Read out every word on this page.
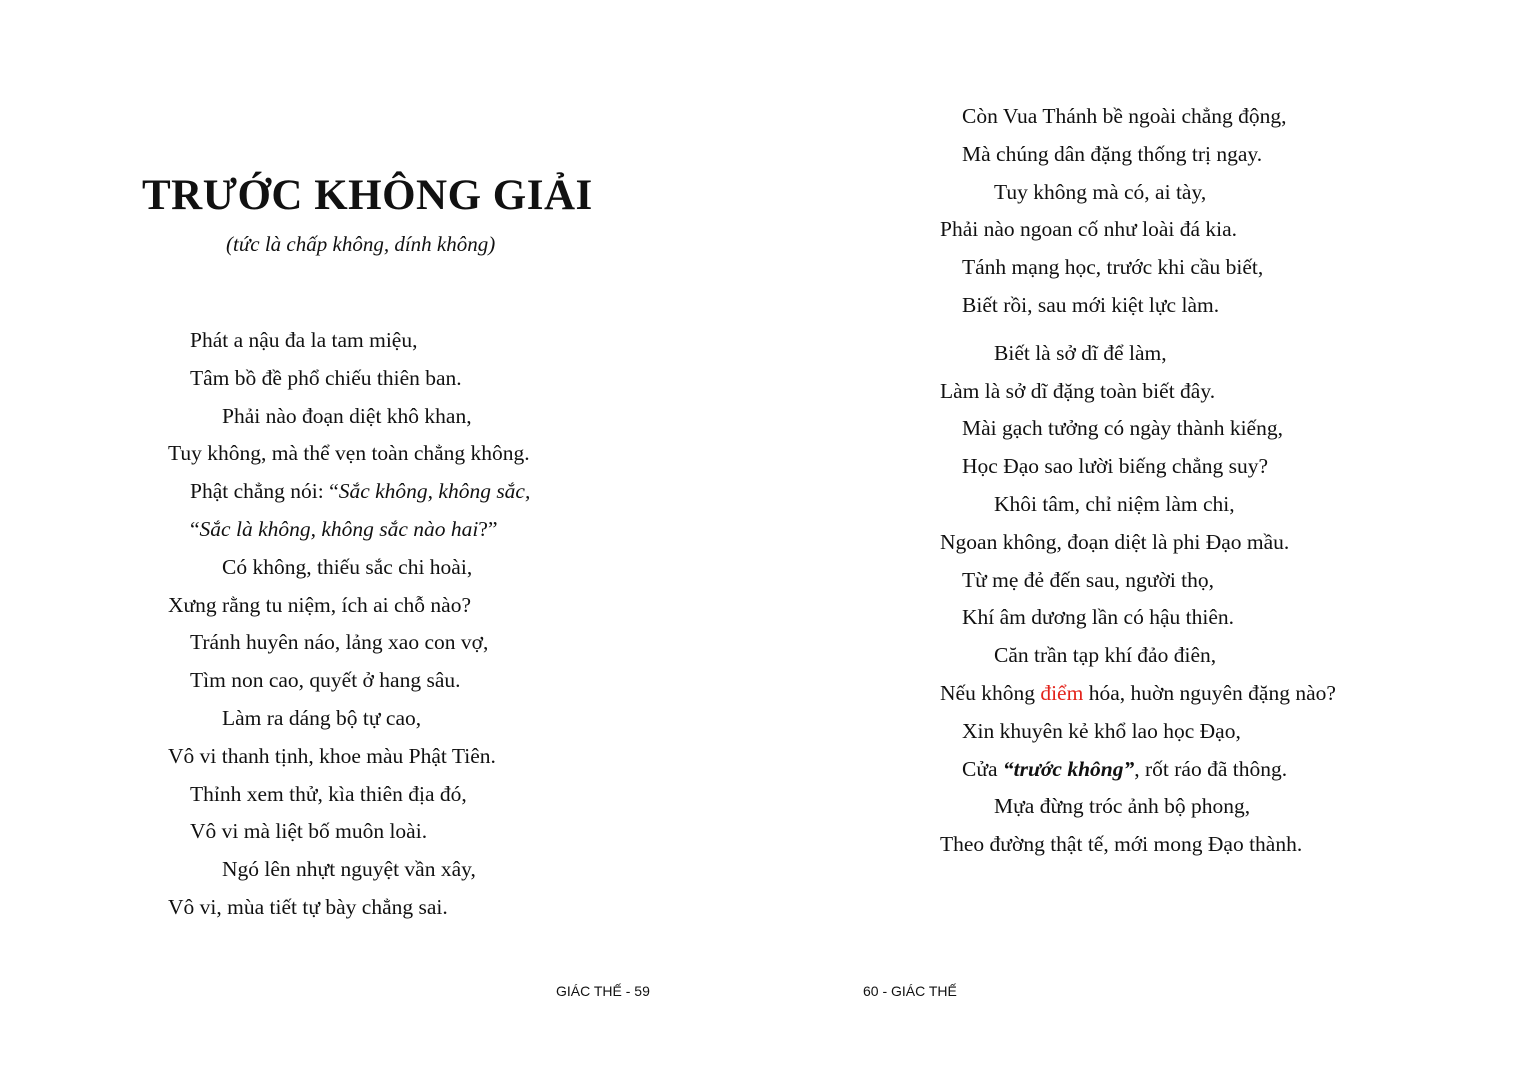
TRƯỚC KHÔNG GIẢI
(tức là chấp không, dính không)
Phát a nậu đa la tam miệu,
Tâm bồ đề phổ chiếu thiên ban.
Phải nào đoạn diệt khô khan,
Tuy không, mà thể vẹn toàn chẳng không.
Phật chẳng nói: “Sắc không, không sắc,
“Sắc là không, không sắc nào hai?”
Có không, thiếu sắc chi hoài,
Xưng rằng tu niệm, ích ai chỗ nào?
Tránh huyên náo, lảng xao con vợ,
Tìm non cao, quyết ở hang sâu.
Làm ra dáng bộ tự cao,
Vô vi thanh tịnh, khoe màu Phật Tiên.
Thỉnh xem thử, kìa thiên địa đó,
Vô vi mà liệt bố muôn loài.
Ngó lên nhựt nguyệt vần xây,
Vô vi, mùa tiết tự bày chẳng sai.
GIÁC THẾ - 59
Còn Vua Thánh bề ngoài chẳng động,
Mà chúng dân đặng thống trị ngay.
Tuy không mà có, ai tày,
Phải nào ngoan cố như loài đá kia.
Tánh mạng học, trước khi cầu biết,
Biết rồi, sau mới kiệt lực làm.
Biết là sở dĩ để làm,
Làm là sở dĩ đặng toàn biết đây.
Mài gạch tưởng có ngày thành kiếng,
Học Đạo sao lười biếng chẳng suy?
Khôi tâm, chỉ niệm làm chi,
Ngoan không, đoạn diệt là phi Đạo mầu.
Từ mẹ đẻ đến sau, người thọ,
Khí âm dương lần có hậu thiên.
Căn trần tạp khí đảo điên,
Nếu không điểm hóa, huờn nguyên đặng nào?
Xin khuyên kẻ khổ lao học Đạo,
Cửa “trước không”, rốt ráo đã thông.
Mựa đừng tróc ảnh bộ phong,
Theo đường thật tế, mới mong Đạo thành.
60 - GIÁC THẾ
